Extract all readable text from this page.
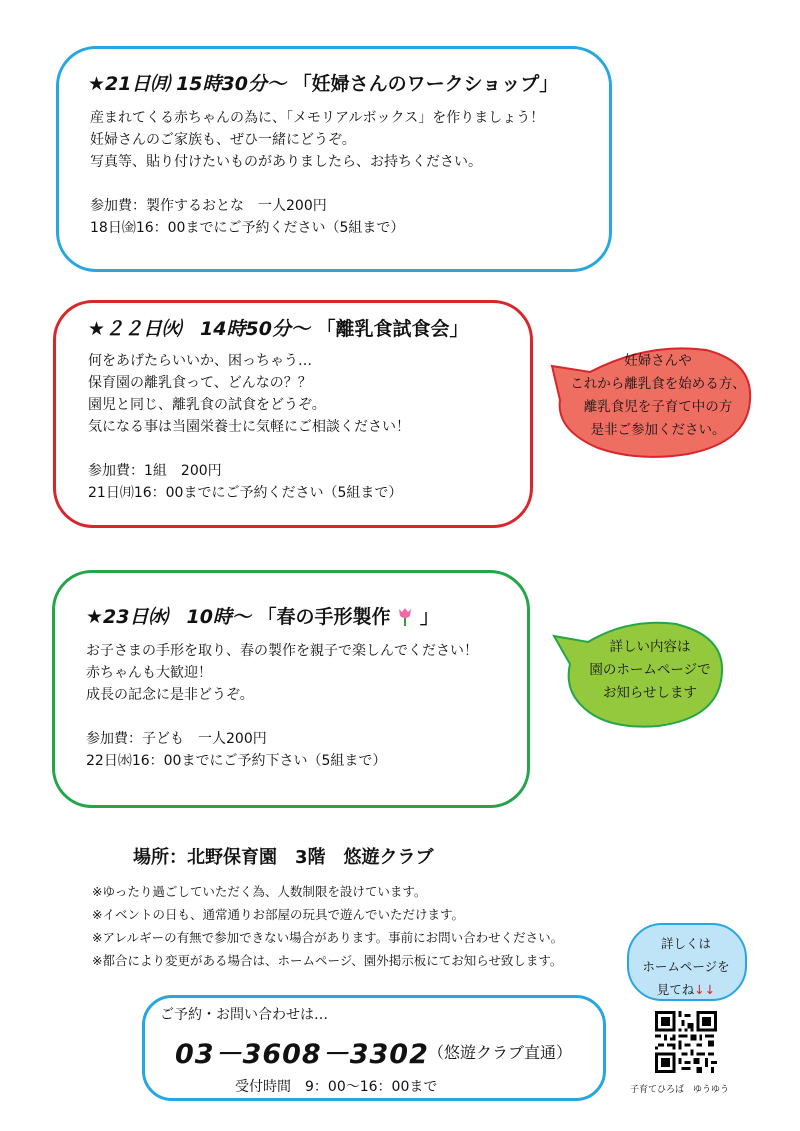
★21日㈪ 15時30分～ 「妊婦さんのワークショップ」
産まれてくる赤ちゃんの為に、「メモリアルボックス」を作りましょう！
妊婦さんのご家族も、ぜひ一緒にどうぞ。
写真等、貼り付けたいものがありましたら、お持ちください。
参加費：製作するおとな　一人200円
18日㈮16：00までにご予約ください（5組まで）
★２２日㈫　14時50分～ 「離乳食試食会」
何をあげたらいいか、困っちゃう…
保育園の離乳食って、どんなの？？
園児と同じ、離乳食の試食をどうぞ。
気になる事は当園栄養士に気軽にご相談ください！
参加費：1組　200円
21日㈪16：00までにご予約ください（5組まで）
妊婦さんや
これから離乳食を始める方、
離乳食児を子育て中の方
是非ご参加ください。
★23日㈬　10時～ 「春の手形製作 」
お子さまの手形を取り、春の製作を親子で楽しんでください！
赤ちゃんも大歓迎！
成長の記念に是非どうぞ。
参加費：子ども　一人200円
22日㈬16：00までにご予約下さい（5組まで）
詳しい内容は
園のホームページで
お知らせします
場所：北野保育園　3階　悠遊クラブ
※ゆったり過ごしていただく為、人数制限を設けています。
※イベントの日も、通常通りお部屋の玩具で遊んでいただけます。
※アレルギーの有無で参加できない場合があります。事前にお問い合わせください。
※都合により変更がある場合は、ホームページ、園外掲示板にてお知らせ致します。
詳しくは
ホームページを
見てね↓↓
子育てひろば　ゆうゆう
ご予約・お問い合わせは…
03－3608－3302 （悠遊クラブ直通）
受付時間　9：00～16：00まで
